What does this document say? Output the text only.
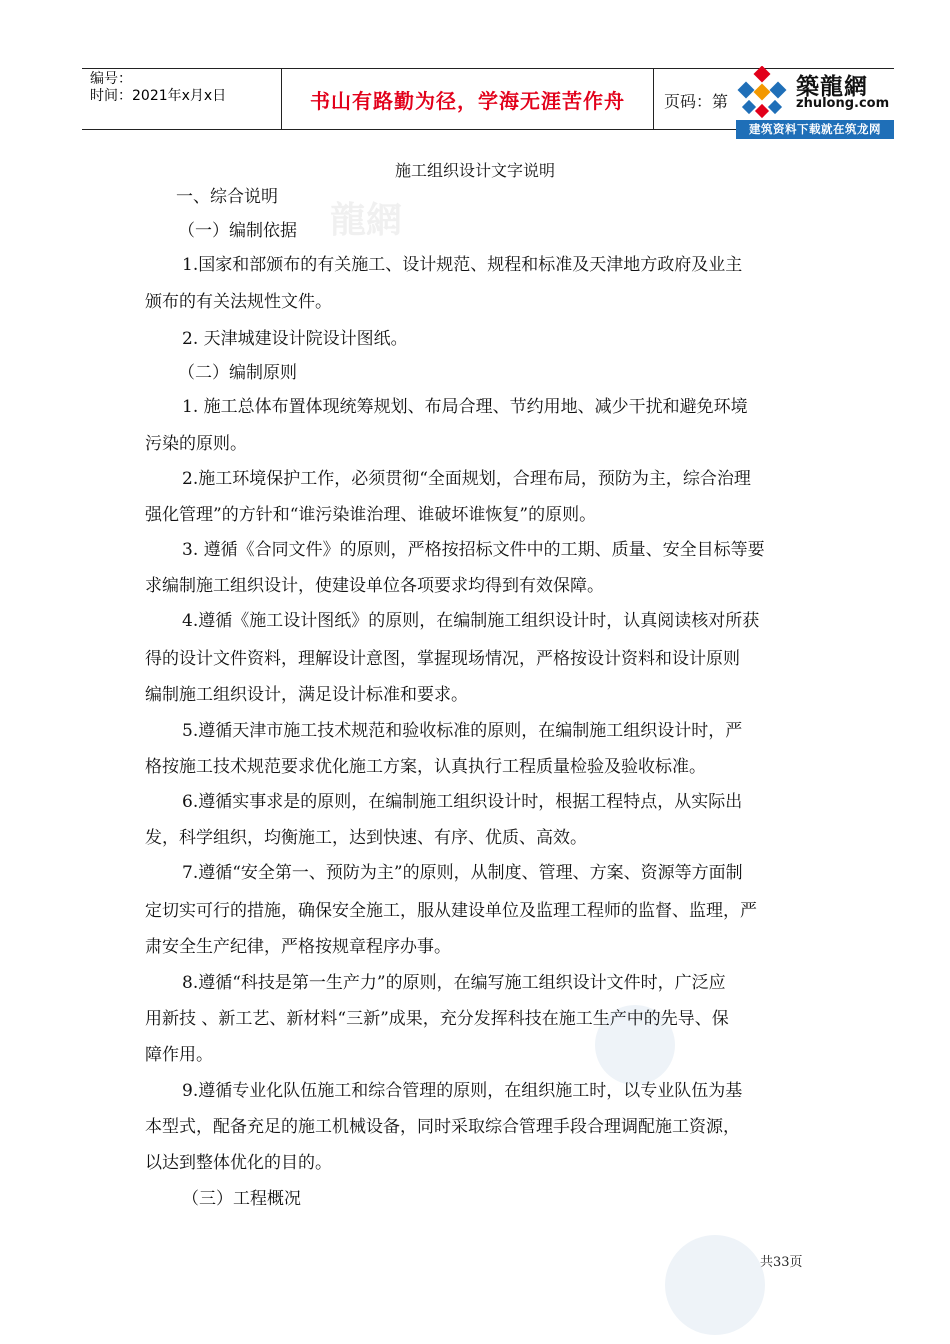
龍網
编号：
时间：2021年x月x日	书山有路勤为径，学海无涯苦作舟	页码：第
築龍網
zhulong.com
建筑资料下载就在筑龙网
施工组织设计文字说明
一、综合说明
（一）编制依据
1.国家和部颁布的有关施工、设计规范、规程和标准及天津地方政府及业主
颁布的有关法规性文件。
2. 天津城建设计院设计图纸。
（二）编制原则
1. 施工总体布置体现统筹规划、布局合理、节约用地、减少干扰和避免环境
污染的原则。
2.施工环境保护工作，必须贯彻“全面规划，合理布局，预防为主，综合治理
强化管理”的方针和“谁污染谁治理、谁破坏谁恢复”的原则。
3. 遵循《合同文件》的原则，严格按招标文件中的工期、质量、安全目标等要
求编制施工组织设计，使建设单位各项要求均得到有效保障。
4.遵循《施工设计图纸》的原则，在编制施工组织设计时，认真阅读核对所获
得的设计文件资料，理解设计意图，掌握现场情况，严格按设计资料和设计原则
编制施工组织设计，满足设计标准和要求。
5.遵循天津市施工技术规范和验收标准的原则，在编制施工组织设计时，严
格按施工技术规范要求优化施工方案，认真执行工程质量检验及验收标准。
6.遵循实事求是的原则，在编制施工组织设计时，根据工程特点，从实际出
发，科学组织，均衡施工，达到快速、有序、优质、高效。
7.遵循“安全第一、预防为主”的原则，从制度、管理、方案、资源等方面制
定切实可行的措施，确保安全施工，服从建设单位及监理工程师的监督、监理，严
肃安全生产纪律，严格按规章程序办事。
8.遵循“科技是第一生产力”的原则，在编写施工组织设计文件时，广泛应
用新技 、新工艺、新材料“三新”成果，充分发挥科技在施工生产中的先导、保
障作用。
9.遵循专业化队伍施工和综合管理的原则，在组织施工时，以专业队伍为基
本型式，配备充足的施工机械设备，同时采取综合管理手段合理调配施工资源，
以达到整体优化的目的。
（三）工程概况
共33页
